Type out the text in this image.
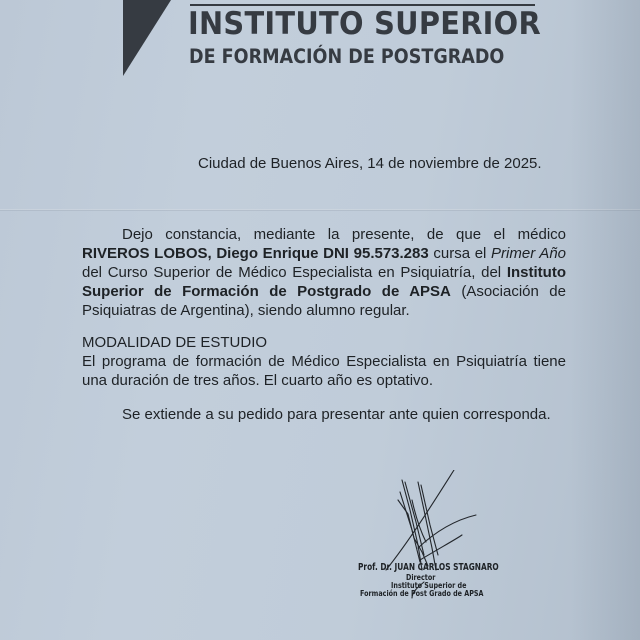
INSTITUTO SUPERIOR
DE FORMACIÓN DE POSTGRADO
Ciudad de Buenos Aires, 14 de noviembre de 2025.
Dejo constancia, mediante la presente, de que el médico RIVEROS LOBOS, Diego Enrique DNI 95.573.283 cursa el Primer Año del Curso Superior de Médico Especialista en Psiquiatría, del Instituto Superior de Formación de Postgrado de APSA (Asociación de Psiquiatras de Argentina), siendo alumno regular.
MODALIDAD DE ESTUDIO
El programa de formación de Médico Especialista en Psiquiatría tiene una duración de tres años. El cuarto año es optativo.
Se extiende a su pedido para presentar ante quien corresponda.
Prof. Dr. JUAN CARLOS STAGNARO
Director
Instituto Superior de
Formación de Post Grado de APSA
